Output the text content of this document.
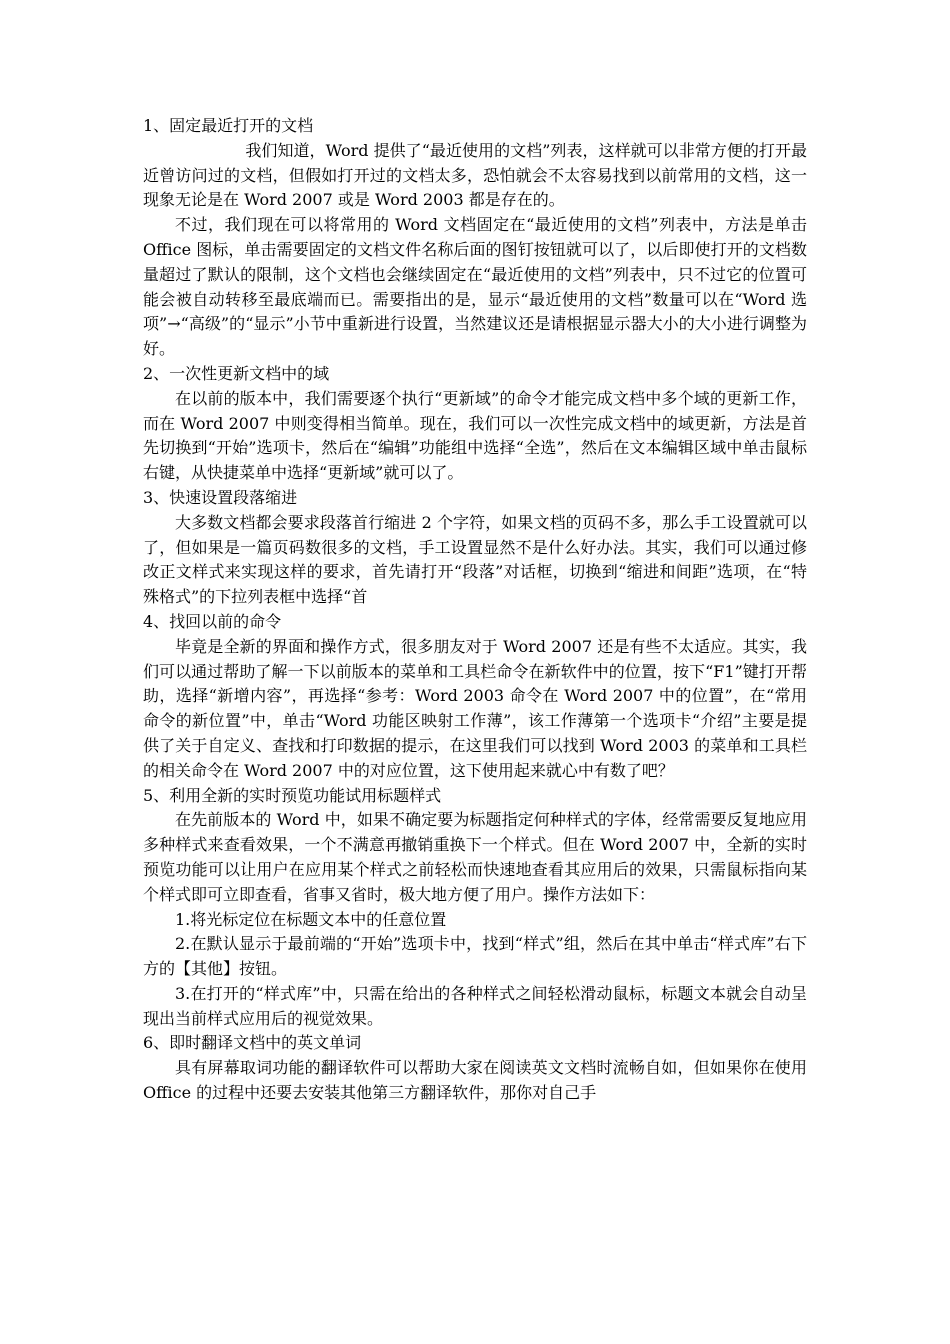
1、固定最近打开的文档

我们知道，Word 提供了“最近使用的文档”列表，这样就可以非常方便的打开最近曾访问过的文档，但假如打开过的文档太多，恐怕就会不太容易找到以前常用的文档，这一现象无论是在 Word 2007 或是 Word 2003 都是存在的。

不过，我们现在可以将常用的 Word 文档固定在“最近使用的文档”列表中，方法是单击 Office 图标，单击需要固定的文档文件名称后面的图钉按钮就可以了，以后即使打开的文档数量超过了默认的限制，这个文档也会继续固定在“最近使用的文档”列表中，只不过它的位置可能会被自动转移至最底端而已。需要指出的是，显示“最近使用的文档”数量可以在“Word 选项”→“高级”的“显示”小节中重新进行设置，当然建议还是请根据显示器大小的大小进行调整为好。

2、一次性更新文档中的域

在以前的版本中，我们需要逐个执行“更新域”的命令才能完成文档中多个域的更新工作，而在 Word 2007 中则变得相当简单。现在，我们可以一次性完成文档中的域更新，方法是首先切换到“开始”选项卡，然后在“编辑”功能组中选择“全选”，然后在文本编辑区域中单击鼠标右键，从快捷菜单中选择“更新域”就可以了。

3、快速设置段落缩进

大多数文档都会要求段落首行缩进 2 个字符，如果文档的页码不多，那么手工设置就可以了，但如果是一篇页码数很多的文档，手工设置显然不是什么好办法。其实，我们可以通过修改正文样式来实现这样的要求，首先请打开“段落”对话框，切换到“缩进和间距”选项，在“特殊格式”的下拉列表框中选择“首

4、找回以前的命令

毕竟是全新的界面和操作方式，很多朋友对于 Word 2007 还是有些不太适应。其实，我们可以通过帮助了解一下以前版本的菜单和工具栏命令在新软件中的位置，按下“F1”键打开帮助，选择“新增内容”，再选择“参考：Word 2003 命令在 Word 2007 中的位置”，在“常用命令的新位置”中，单击“Word 功能区映射工作薄”，该工作薄第一个选项卡“介绍”主要是提供了关于自定义、查找和打印数据的提示，在这里我们可以找到 Word 2003 的菜单和工具栏的相关命令在 Word 2007 中的对应位置，这下使用起来就心中有数了吧？

5、利用全新的实时预览功能试用标题样式

在先前版本的 Word 中，如果不确定要为标题指定何种样式的字体，经常需要反复地应用多种样式来查看效果，一个不满意再撤销重换下一个样式。但在 Word 2007 中，全新的实时预览功能可以让用户在应用某个样式之前轻松而快速地查看其应用后的效果，只需鼠标指向某个样式即可立即查看，省事又省时，极大地方便了用户。操作方法如下：

1.将光标定位在标题文本中的任意位置

2.在默认显示于最前端的“开始”选项卡中，找到“样式”组，然后在其中单击“样式库”右下方的【其他】按钮。

3.在打开的“样式库”中，只需在给出的各种样式之间轻松滑动鼠标，标题文本就会自动呈现出当前样式应用后的视觉效果。

6、即时翻译文档中的英文单词

具有屏幕取词功能的翻译软件可以帮助大家在阅读英文文档时流畅自如，但如果你在使用 Office 的过程中还要去安装其他第三方翻译软件，那你对自己手
